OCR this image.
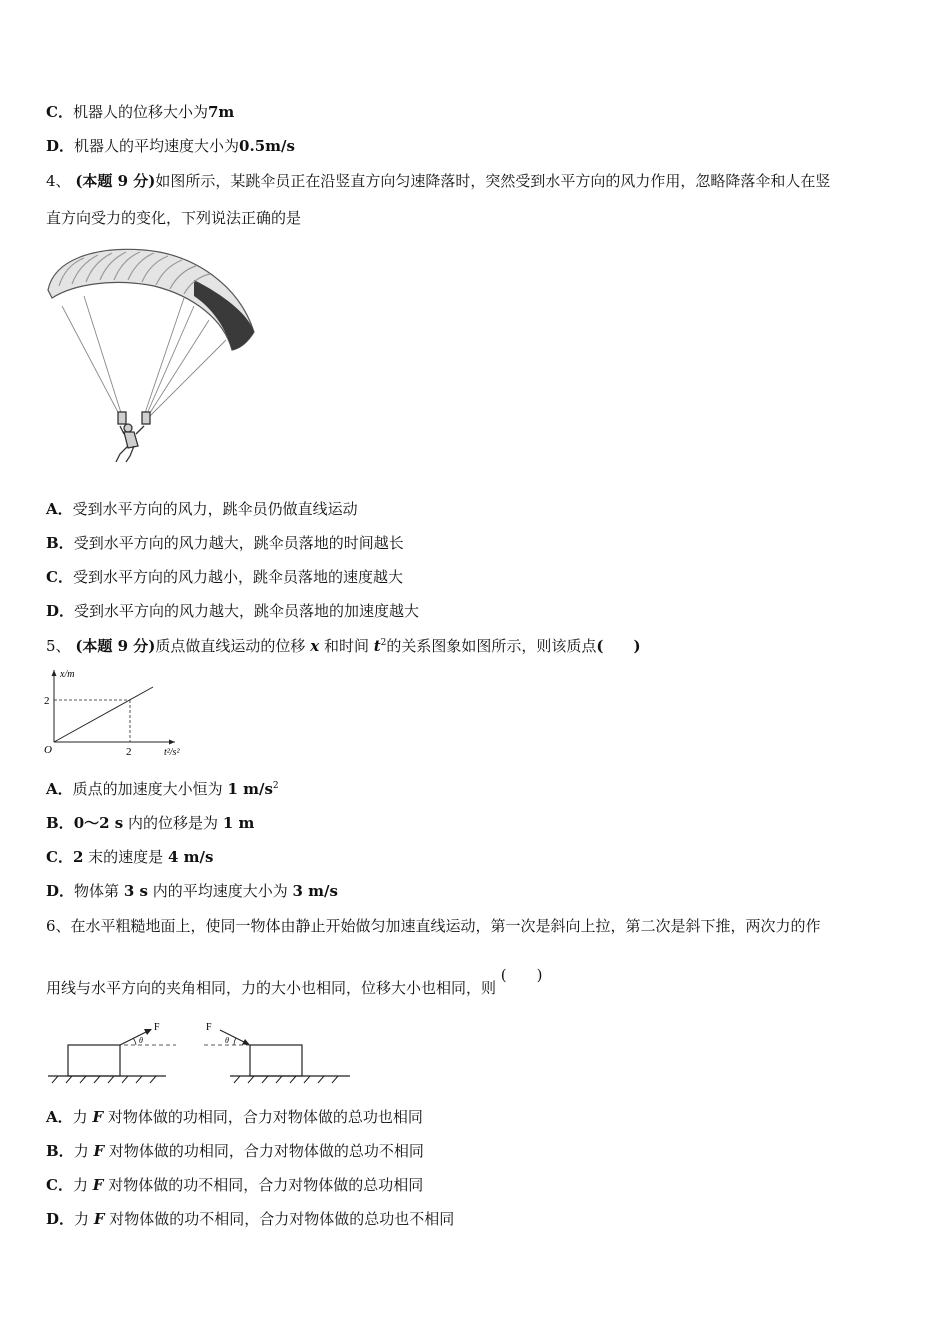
C．机器人的位移大小为7m
D．机器人的平均速度大小为0.5m/s
4、 (本题 9 分)如图所示，某跳伞员正在沿竖直方向匀速降落时，突然受到水平方向的风力作用，忽略降落伞和人在竖
直方向受力的变化，下列说法正确的是
A．受到水平方向的风力，跳伞员仍做直线运动
B．受到水平方向的风力越大，跳伞员落地的时间越长
C．受到水平方向的风力越小，跳伞员落地的速度越大
D．受到水平方向的风力越大，跳伞员落地的加速度越大
5、 (本题 9 分)质点做直线运动的位移 x 和时间 $t^2$的关系图象如图所示，则该质点(　　)
x/m
2
O	2	t²/s²
A．质点的加速度大小恒为 1 $m/s^2$
B．0～2 s 内的位移是为 1 m
C．2 末的速度是 4 m/s
D．物体第 3 s 内的平均速度大小为 3 m/s
6、在水平粗糙地面上，使同一物体由静止开始做匀加速直线运动，第一次是斜向上拉，第二次是斜下推，两次力的作
用线与水平方向的夹角相同，力的大小也相同，位移大小也相同，则 (　　)
F
θ
F
θ
A．力 F 对物体做的功相同，合力对物体做的总功也相同
B．力 F 对物体做的功相同，合力对物体做的总功不相同
C．力 F 对物体做的功不相同，合力对物体做的总功相同
D．力 F 对物体做的功不相同，合力对物体做的总功也不相同
